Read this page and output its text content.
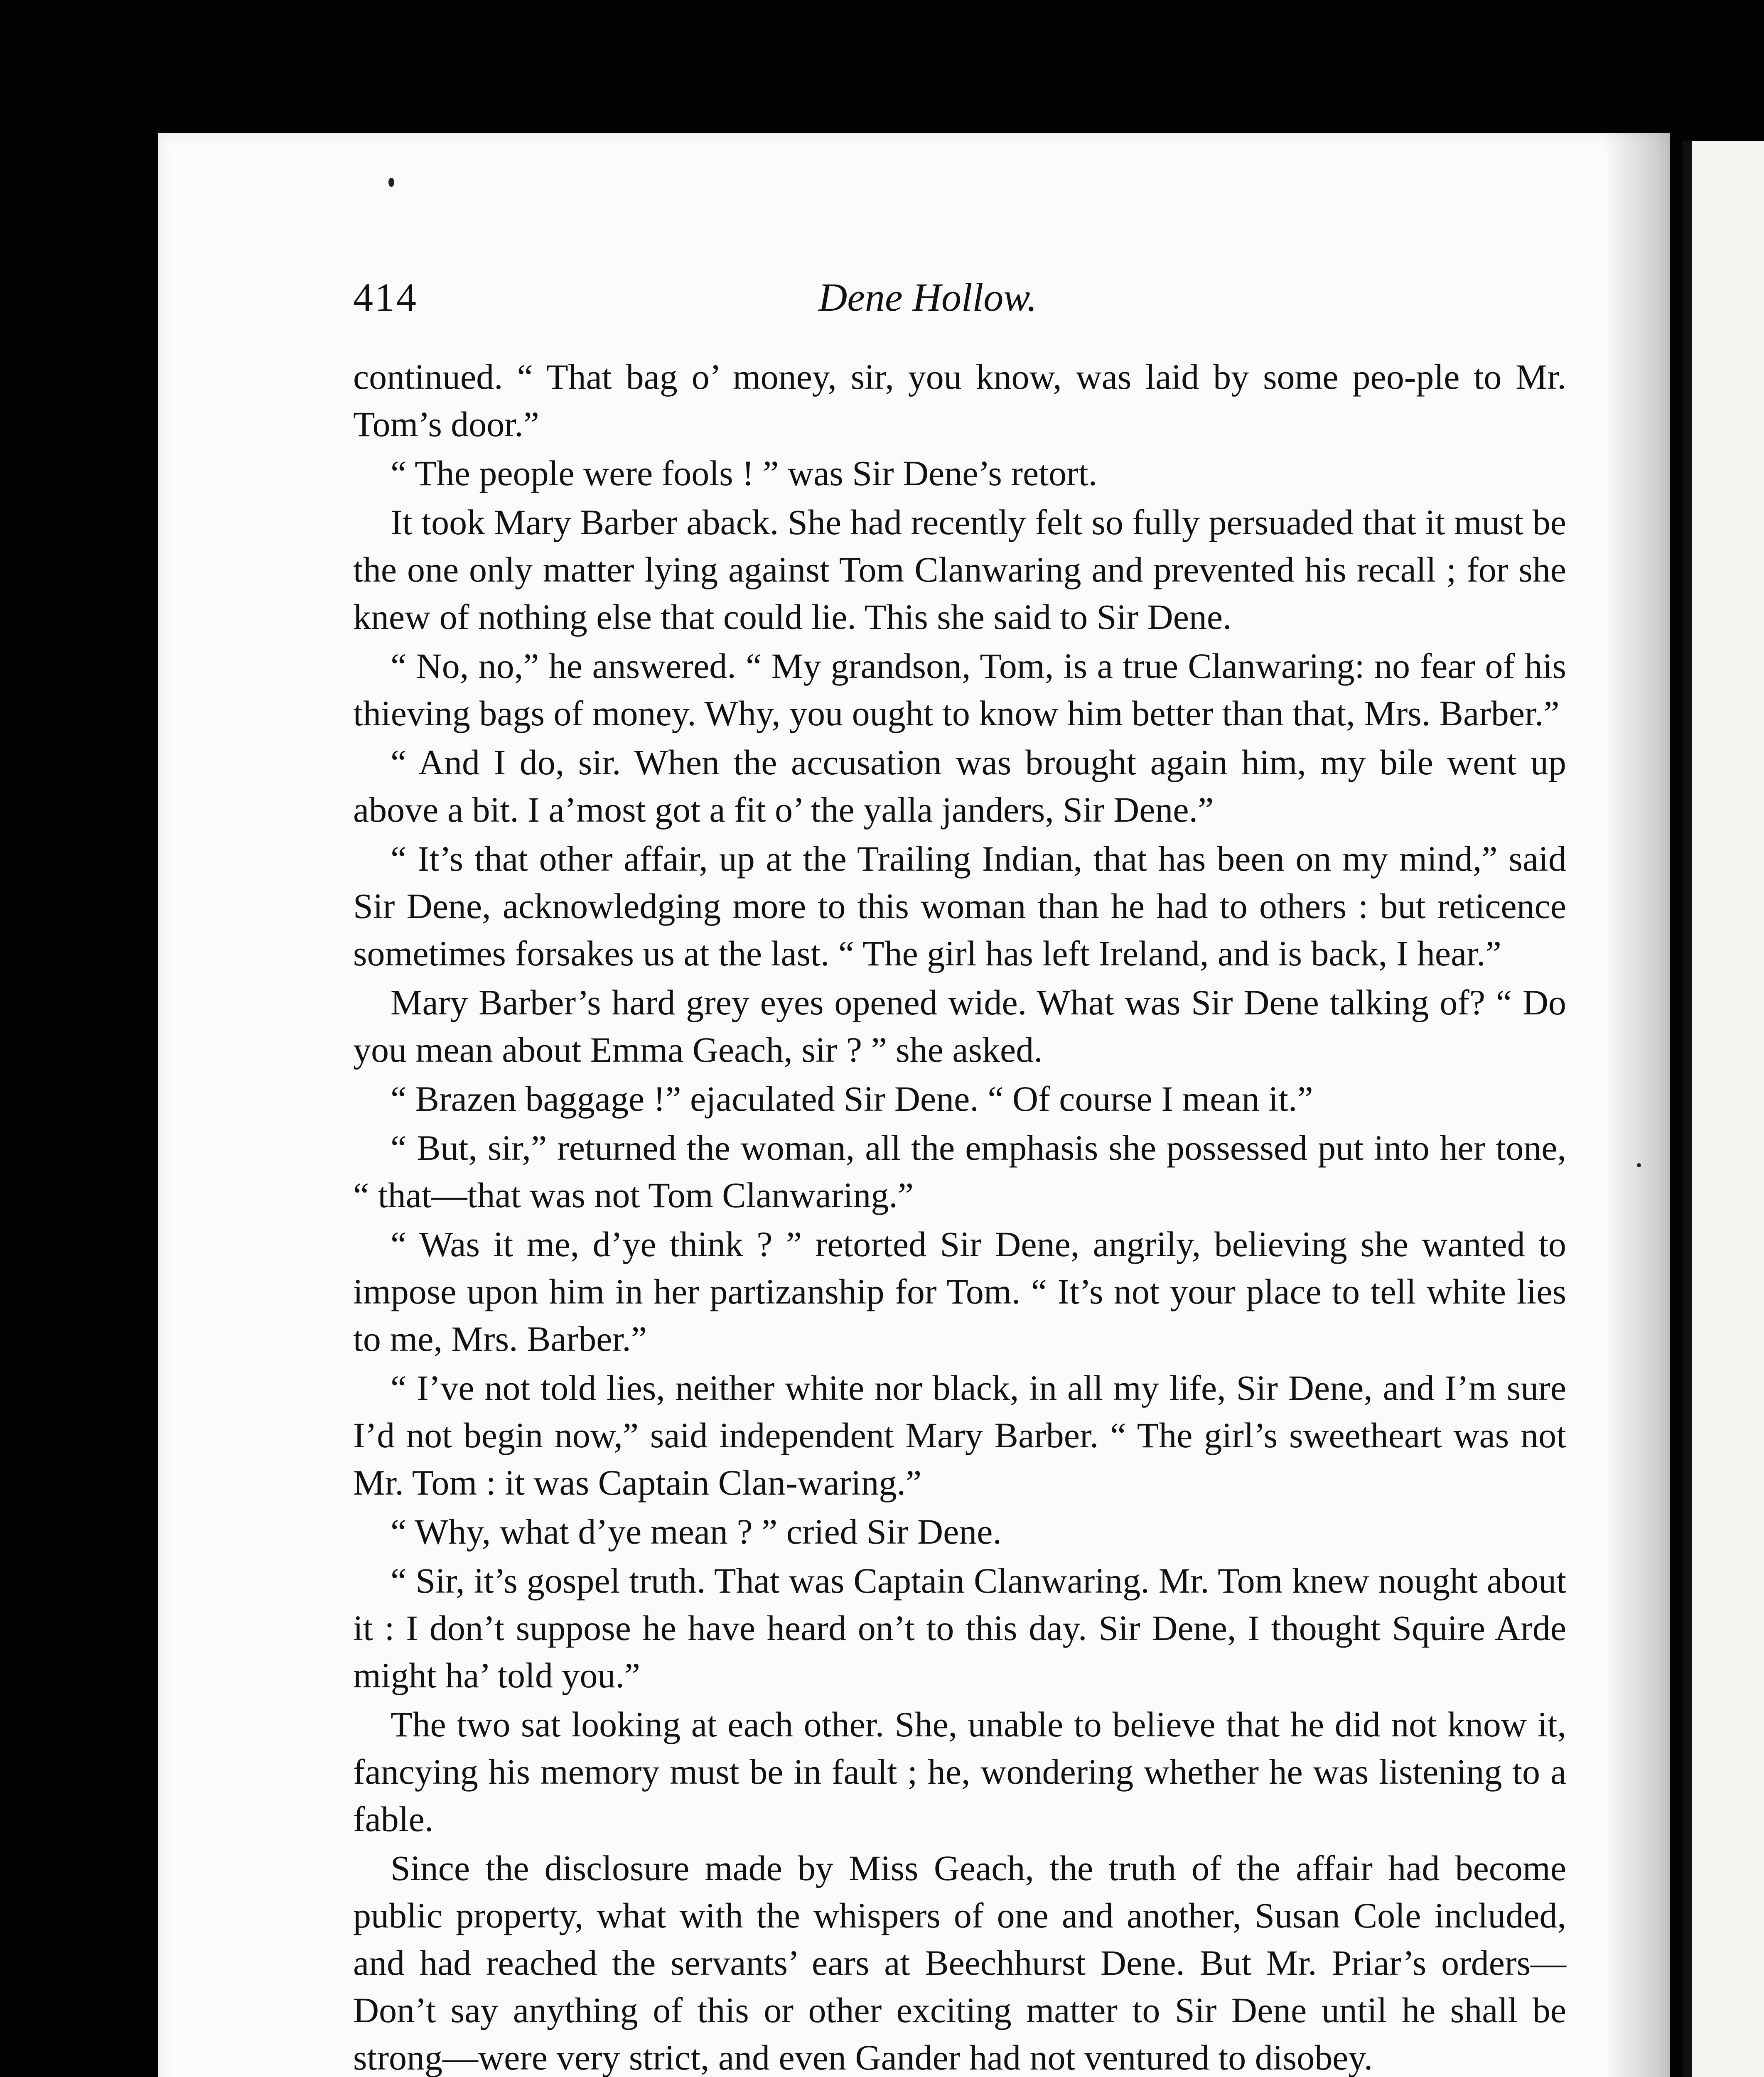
414	Dene Hollow.

continued. “ That bag o’ money, sir, you know, was laid by some peo-ple to Mr. Tom’s door.”

“ The people were fools ! ” was Sir Dene’s retort.

It took Mary Barber aback. She had recently felt so fully persuaded that it must be the one only matter lying against Tom Clanwaring and prevented his recall ; for she knew of nothing else that could lie. This she said to Sir Dene.

“ No, no,” he answered. “ My grandson, Tom, is a true Clanwaring: no fear of his thieving bags of money. Why, you ought to know him better than that, Mrs. Barber.”

“ And I do, sir. When the accusation was brought again him, my bile went up above a bit. I a’most got a fit o’ the yalla janders, Sir Dene.”

“ It’s that other affair, up at the Trailing Indian, that has been on my mind,” said Sir Dene, acknowledging more to this woman than he had to others : but reticence sometimes forsakes us at the last. “ The girl has left Ireland, and is back, I hear.”

Mary Barber’s hard grey eyes opened wide. What was Sir Dene talking of? “ Do you mean about Emma Geach, sir ? ” she asked.

“ Brazen baggage !” ejaculated Sir Dene. “ Of course I mean it.”

“ But, sir,” returned the woman, all the emphasis she possessed put into her tone, “ that—that was not Tom Clanwaring.”

“ Was it me, d’ye think ? ” retorted Sir Dene, angrily, believing she wanted to impose upon him in her partizanship for Tom. “ It’s not your place to tell white lies to me, Mrs. Barber.”

“ I’ve not told lies, neither white nor black, in all my life, Sir Dene, and I’m sure I’d not begin now,” said independent Mary Barber. “ The girl’s sweetheart was not Mr. Tom : it was Captain Clan-waring.”

“ Why, what d’ye mean ? ” cried Sir Dene.

“ Sir, it’s gospel truth. That was Captain Clanwaring. Mr. Tom knew nought about it : I don’t suppose he have heard on’t to this day. Sir Dene, I thought Squire Arde might ha’ told you.”

The two sat looking at each other. She, unable to believe that he did not know it, fancying his memory must be in fault ; he, wondering whether he was listening to a fable.

Since the disclosure made by Miss Geach, the truth of the affair had become public property, what with the whispers of one and another, Susan Cole included, and had reached the servants’ ears at Beechhurst Dene. But Mr. Priar’s orders—Don’t say anything of this or other exciting matter to Sir Dene until he shall be strong—were very strict, and even Gander had not ventured to disobey.
